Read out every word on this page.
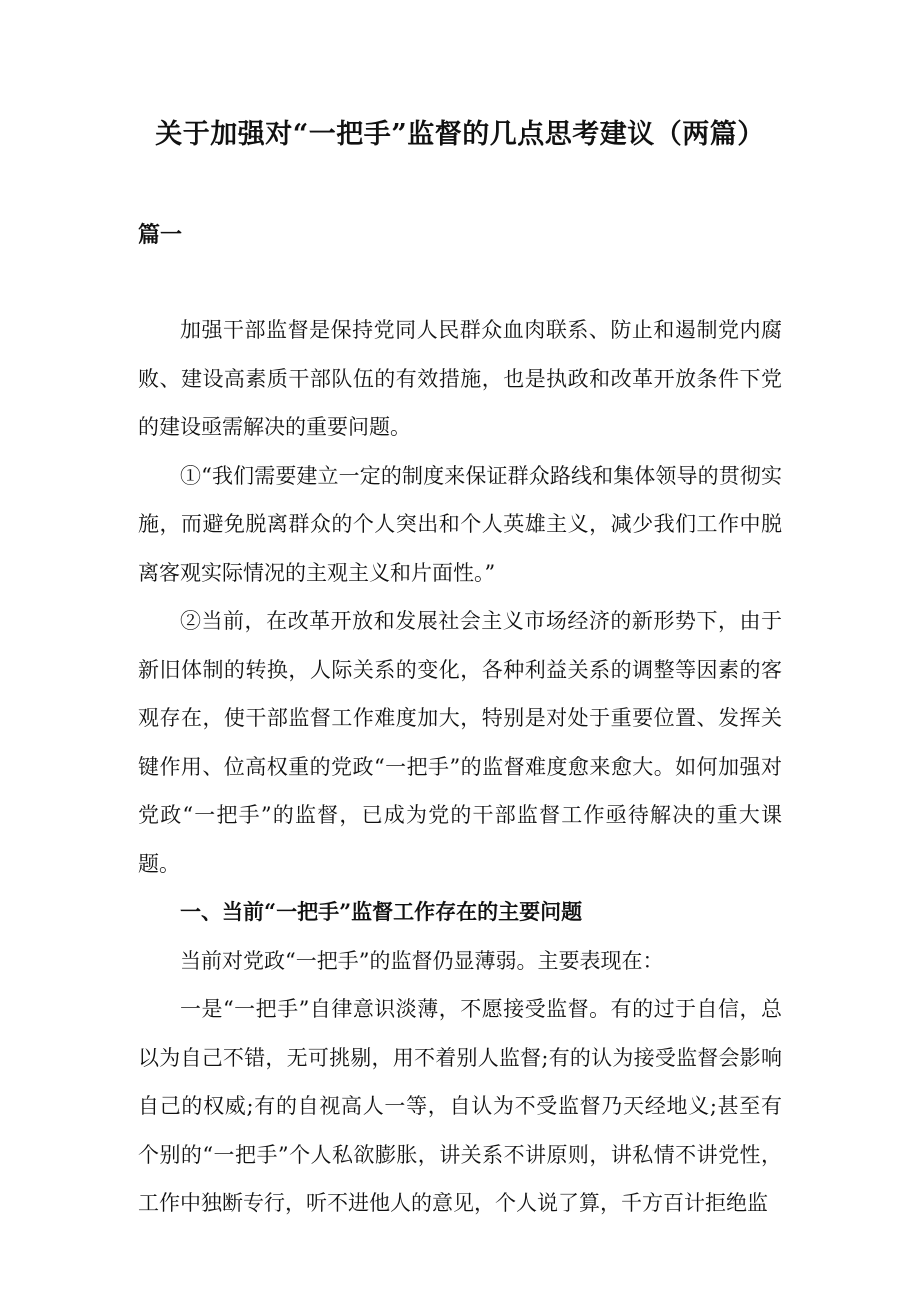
关于加强对“一把手”监督的几点思考建议（两篇）
篇一

加强干部监督是保持党同人民群众血肉联系、防止和遏制党内腐败、建设高素质干部队伍的有效措施，也是执政和改革开放条件下党的建设亟需解决的重要问题。

①“我们需要建立一定的制度来保证群众路线和集体领导的贯彻实施，而避免脱离群众的个人突出和个人英雄主义，减少我们工作中脱离客观实际情况的主观主义和片面性。”

②当前，在改革开放和发展社会主义市场经济的新形势下，由于新旧体制的转换，人际关系的变化，各种利益关系的调整等因素的客观存在，使干部监督工作难度加大，特别是对处于重要位置、发挥关键作用、位高权重的党政“一把手”的监督难度愈来愈大。如何加强对党政“一把手”的监督，已成为党的干部监督工作亟待解决的重大课题。

一、当前“一把手”监督工作存在的主要问题

当前对党政“一把手”的监督仍显薄弱。主要表现在：

一是“一把手”自律意识淡薄，不愿接受监督。有的过于自信，总以为自己不错，无可挑剔，用不着别人监督;有的认为接受监督会影响自己的权威;有的自视高人一等，自认为不受监督乃天经地义;甚至有个别的“一把手”个人私欲膨胀，讲关系不讲原则，讲私情不讲党性，工作中独断专行，听不进他人的意见，个人说了算，千方百计拒绝监
